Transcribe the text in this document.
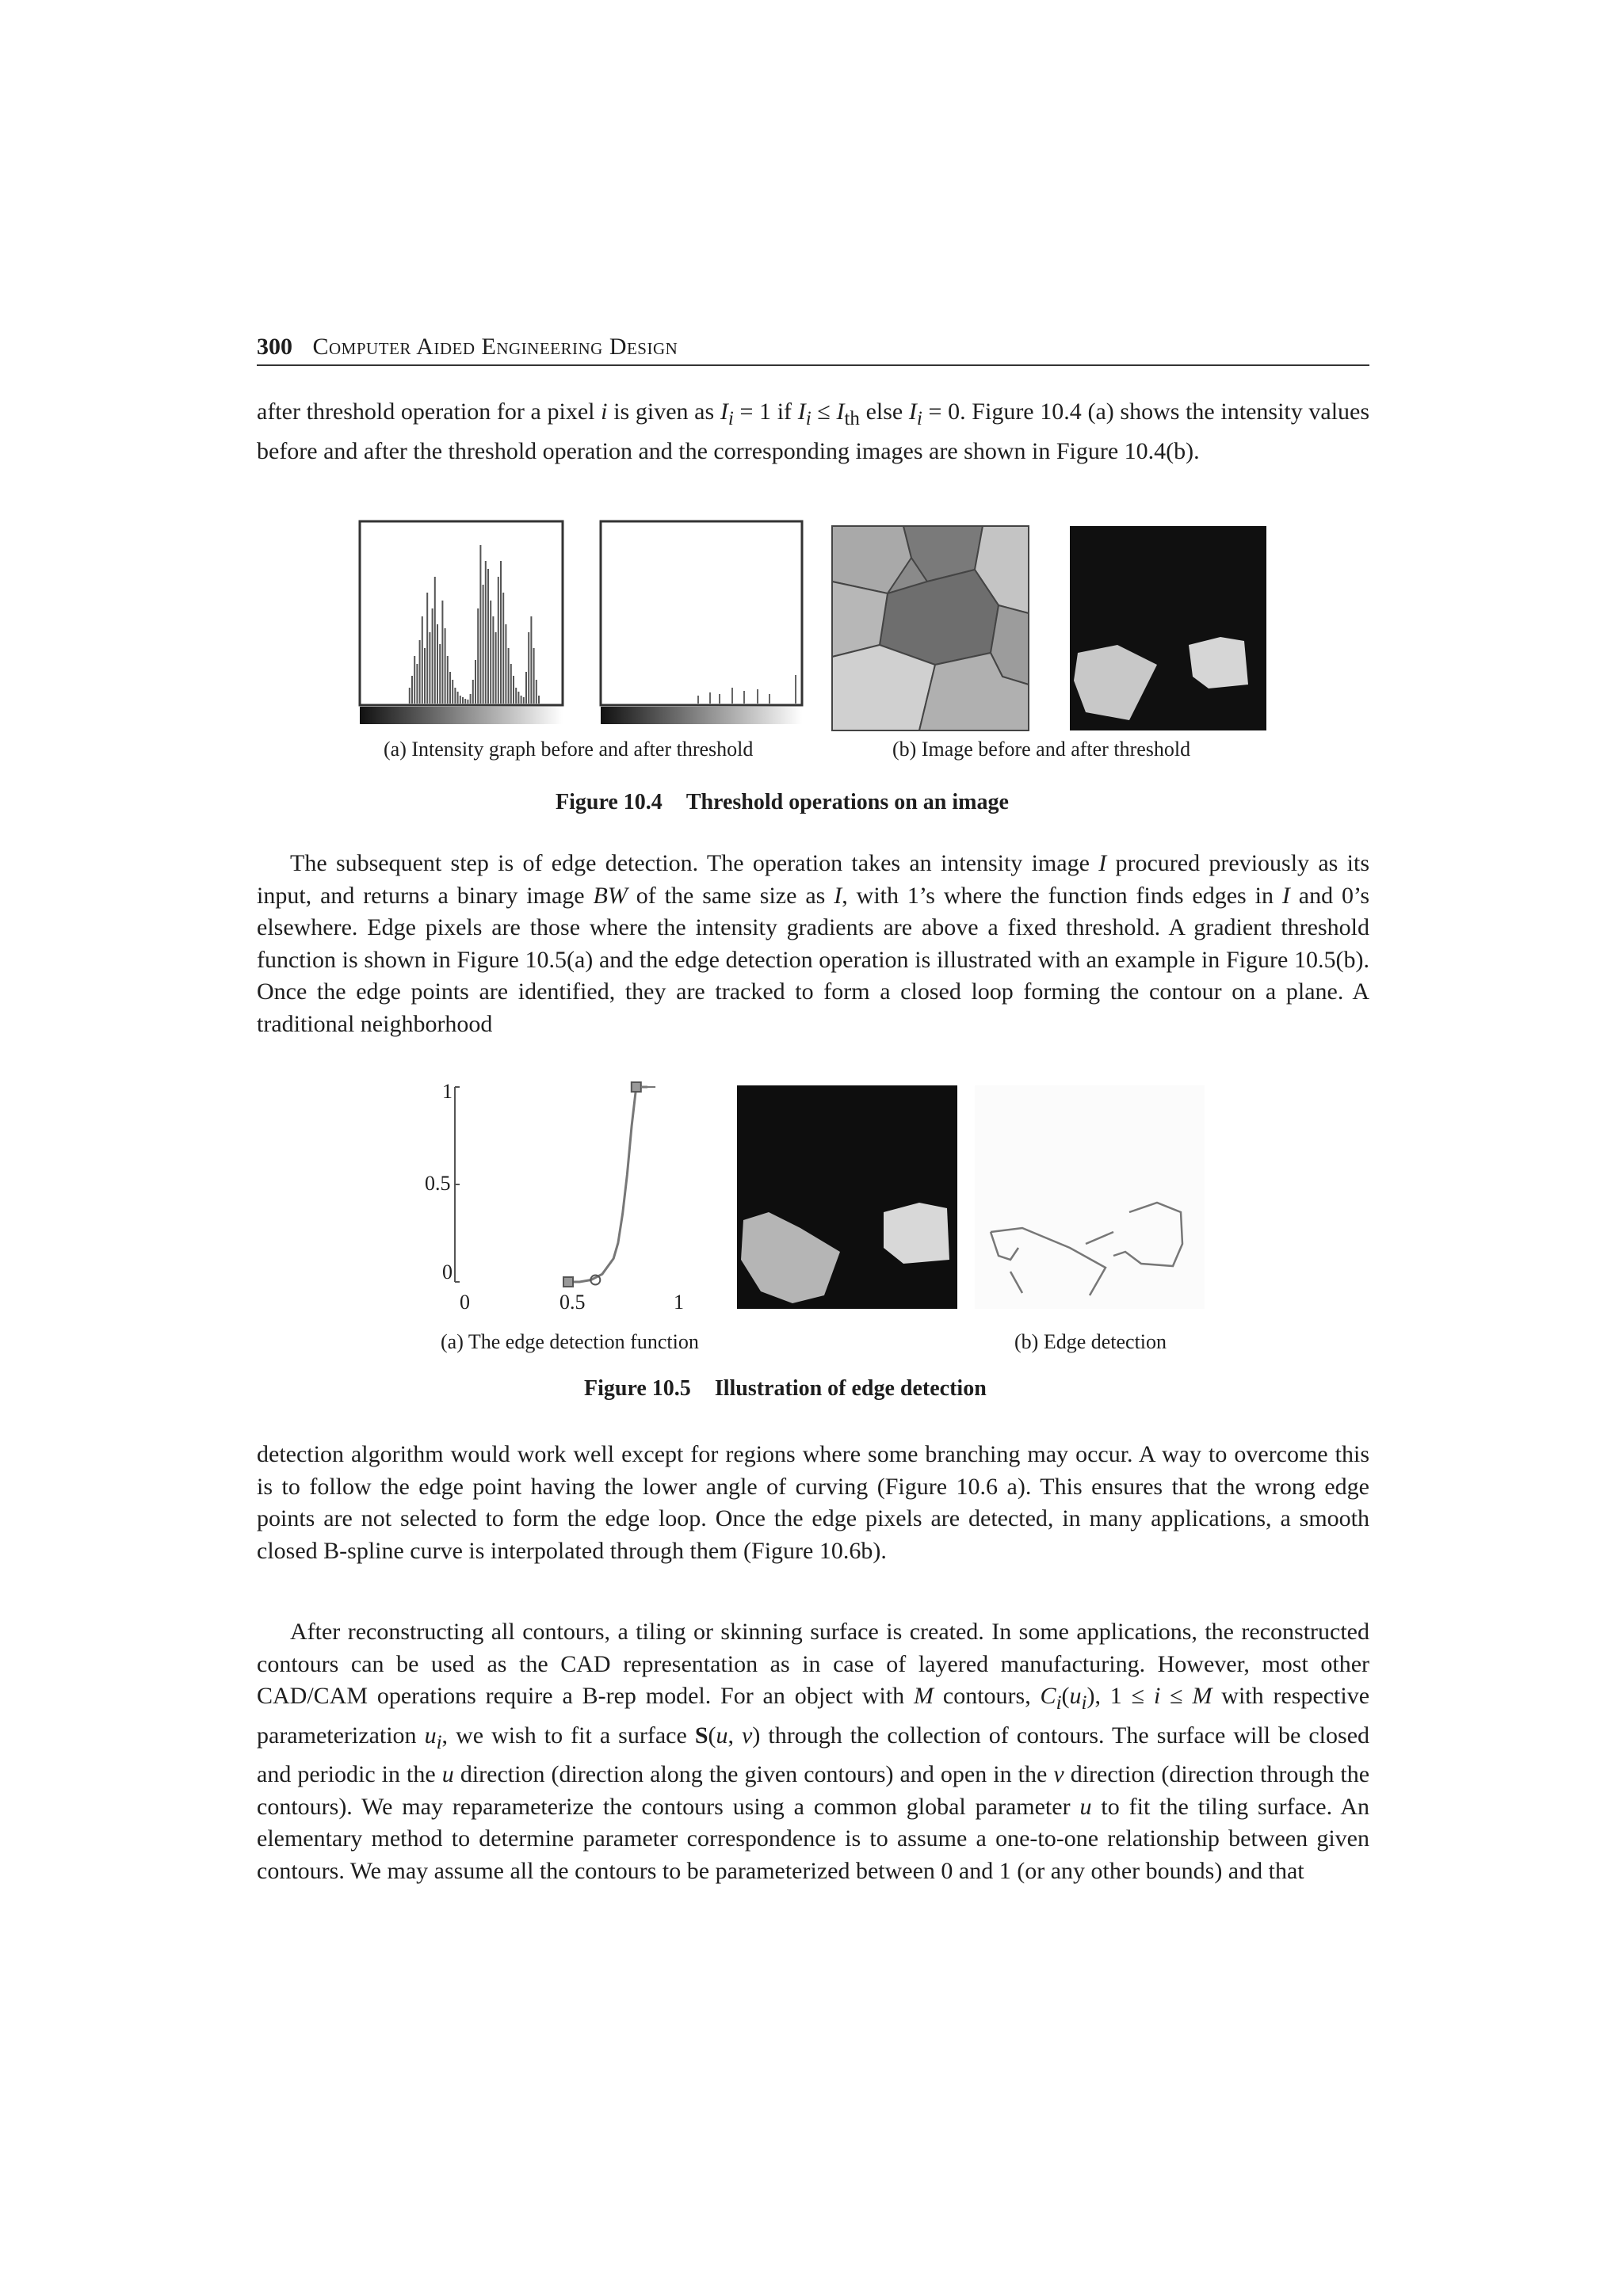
300 Computer Aided Engineering Design

after threshold operation for a pixel i is given as $I_i = 1$ if $I_i \le I_{th}$ else $I_i = 0$. Figure 10.4 (a) shows the intensity values before and after the threshold operation and the corresponding images are shown in Figure 10.4(b).

(a) Intensity graph before and after threshold	(b) Image before and after threshold
Figure 10.4 Threshold operations on an image

The subsequent step is of edge detection. The operation takes an intensity image I procured previously as its input, and returns a binary image BW of the same size as I, with 1’s where the function finds edges in I and 0’s elsewhere. Edge pixels are those where the intensity gradients are above a fixed threshold. A gradient threshold function is shown in Figure 10.5(a) and the edge detection operation is illustrated with an example in Figure 10.5(b). Once the edge points are identified, they are tracked to form a closed loop forming the contour on a plane. A traditional neighborhood

1
0.5
0
0	0.5	1
(a) The edge detection function	(b) Edge detection
Figure 10.5 Illustration of edge detection

detection algorithm would work well except for regions where some branching may occur. A way to overcome this is to follow the edge point having the lower angle of curving (Figure 10.6 a). This ensures that the wrong edge points are not selected to form the edge loop. Once the edge pixels are detected, in many applications, a smooth closed B-spline curve is interpolated through them (Figure 10.6b).

After reconstructing all contours, a tiling or skinning surface is created. In some applications, the reconstructed contours can be used as the CAD representation as in case of layered manufacturing. However, most other CAD/CAM operations require a B-rep model. For an object with M contours, $C_i(u_i)$, 1 ≤ i ≤ M with respective parameterization $u_i$, we wish to fit a surface S(u, v) through the collection of contours. The surface will be closed and periodic in the u direction (direction along the given contours) and open in the v direction (direction through the contours). We may reparameterize the contours using a common global parameter u to fit the tiling surface. An elementary method to determine parameter correspondence is to assume a one-to-one relationship between given contours. We may assume all the contours to be parameterized between 0 and 1 (or any other bounds) and that
